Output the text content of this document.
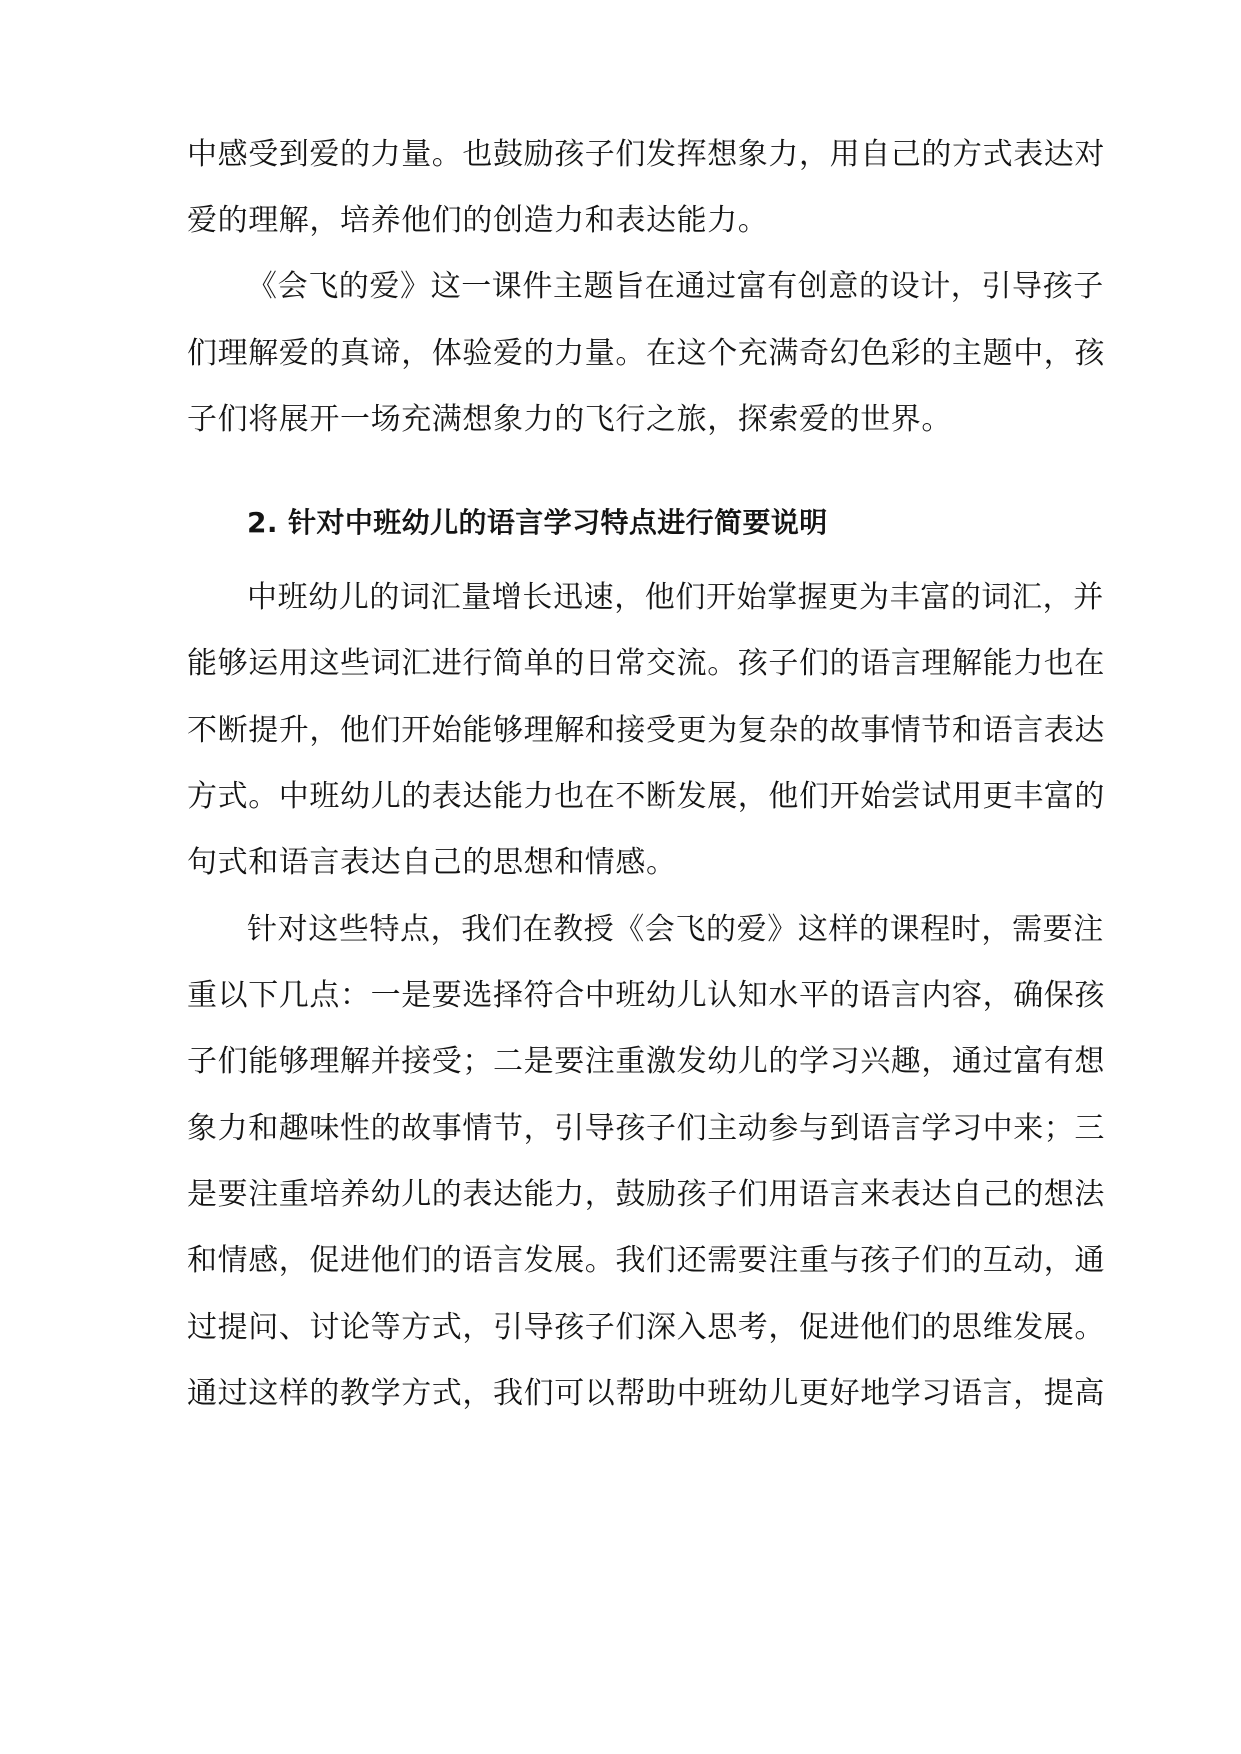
中感受到爱的力量。也鼓励孩子们发挥想象力，用自己的方式表达对
爱的理解，培养他们的创造力和表达能力。
《会飞的爱》这一课件主题旨在通过富有创意的设计，引导孩子
们理解爱的真谛，体验爱的力量。在这个充满奇幻色彩的主题中，孩
子们将展开一场充满想象力的飞行之旅，探索爱的世界。
2. 针对中班幼儿的语言学习特点进行简要说明
中班幼儿的词汇量增长迅速，他们开始掌握更为丰富的词汇，并
能够运用这些词汇进行简单的日常交流。孩子们的语言理解能力也在
不断提升，他们开始能够理解和接受更为复杂的故事情节和语言表达
方式。中班幼儿的表达能力也在不断发展，他们开始尝试用更丰富的
句式和语言表达自己的思想和情感。
针对这些特点，我们在教授《会飞的爱》这样的课程时，需要注
重以下几点：一是要选择符合中班幼儿认知水平的语言内容，确保孩
子们能够理解并接受；二是要注重激发幼儿的学习兴趣，通过富有想
象力和趣味性的故事情节，引导孩子们主动参与到语言学习中来；三
是要注重培养幼儿的表达能力，鼓励孩子们用语言来表达自己的想法
和情感，促进他们的语言发展。我们还需要注重与孩子们的互动，通
过提问、讨论等方式，引导孩子们深入思考，促进他们的思维发展。
通过这样的教学方式，我们可以帮助中班幼儿更好地学习语言，提高
